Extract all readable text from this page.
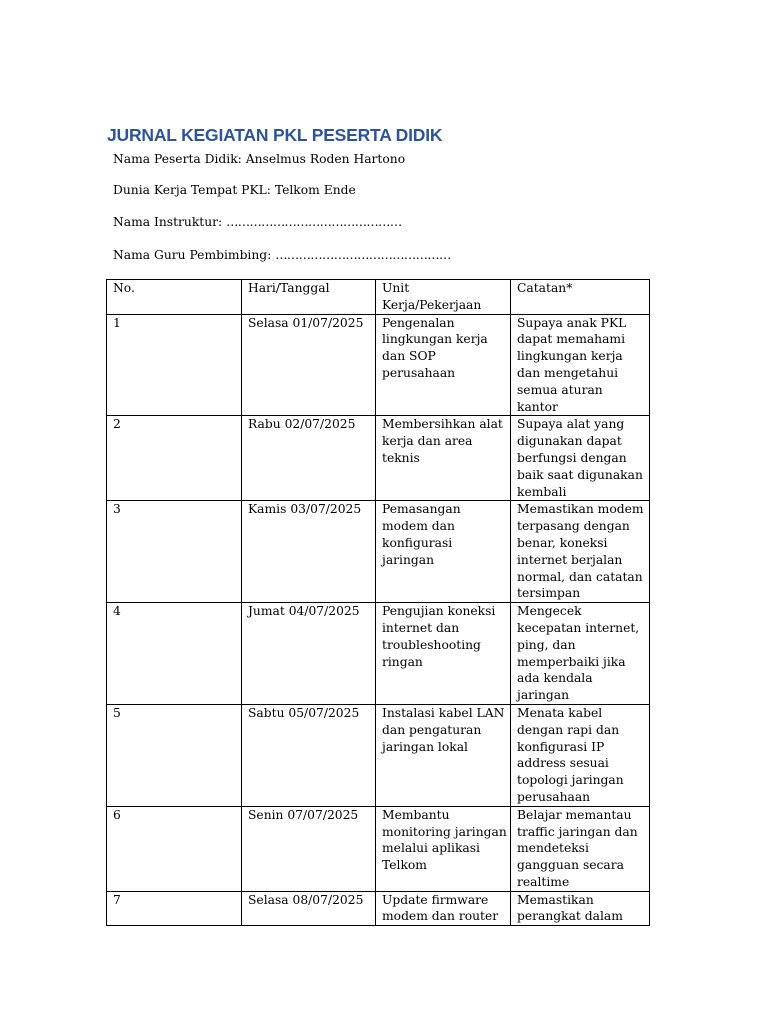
JURNAL KEGIATAN PKL PESERTA DIDIK
Nama Peserta Didik: Anselmus Roden Hartono
Dunia Kerja Tempat PKL: Telkom Ende
Nama Instruktur: ………………………………………
Nama Guru Pembimbing: ………………………………………
No.	Hari/Tanggal	Unit Kerja/Pekerjaan	Catatan*
1	Selasa 01/07/2025	Pengenalan lingkungan kerja dan SOP perusahaan	Supaya anak PKL dapat memahami lingkungan kerja dan mengetahui semua aturan kantor
2	Rabu 02/07/2025	Membersihkan alat kerja dan area teknis	Supaya alat yang digunakan dapat berfungsi dengan baik saat digunakan kembali
3	Kamis 03/07/2025	Pemasangan modem dan konfigurasi jaringan	Memastikan modem terpasang dengan benar, koneksi internet berjalan normal, dan catatan tersimpan
4	Jumat 04/07/2025	Pengujian koneksi internet dan troubleshooting ringan	Mengecek kecepatan internet, ping, dan memperbaiki jika ada kendala jaringan
5	Sabtu 05/07/2025	Instalasi kabel LAN dan pengaturan jaringan lokal	Menata kabel dengan rapi dan konfigurasi IP address sesuai topologi jaringan perusahaan
6	Senin 07/07/2025	Membantu monitoring jaringan melalui aplikasi Telkom	Belajar memantau traffic jaringan dan mendeteksi gangguan secara realtime
7	Selasa 08/07/2025	Update firmware modem dan router	Memastikan perangkat dalam
